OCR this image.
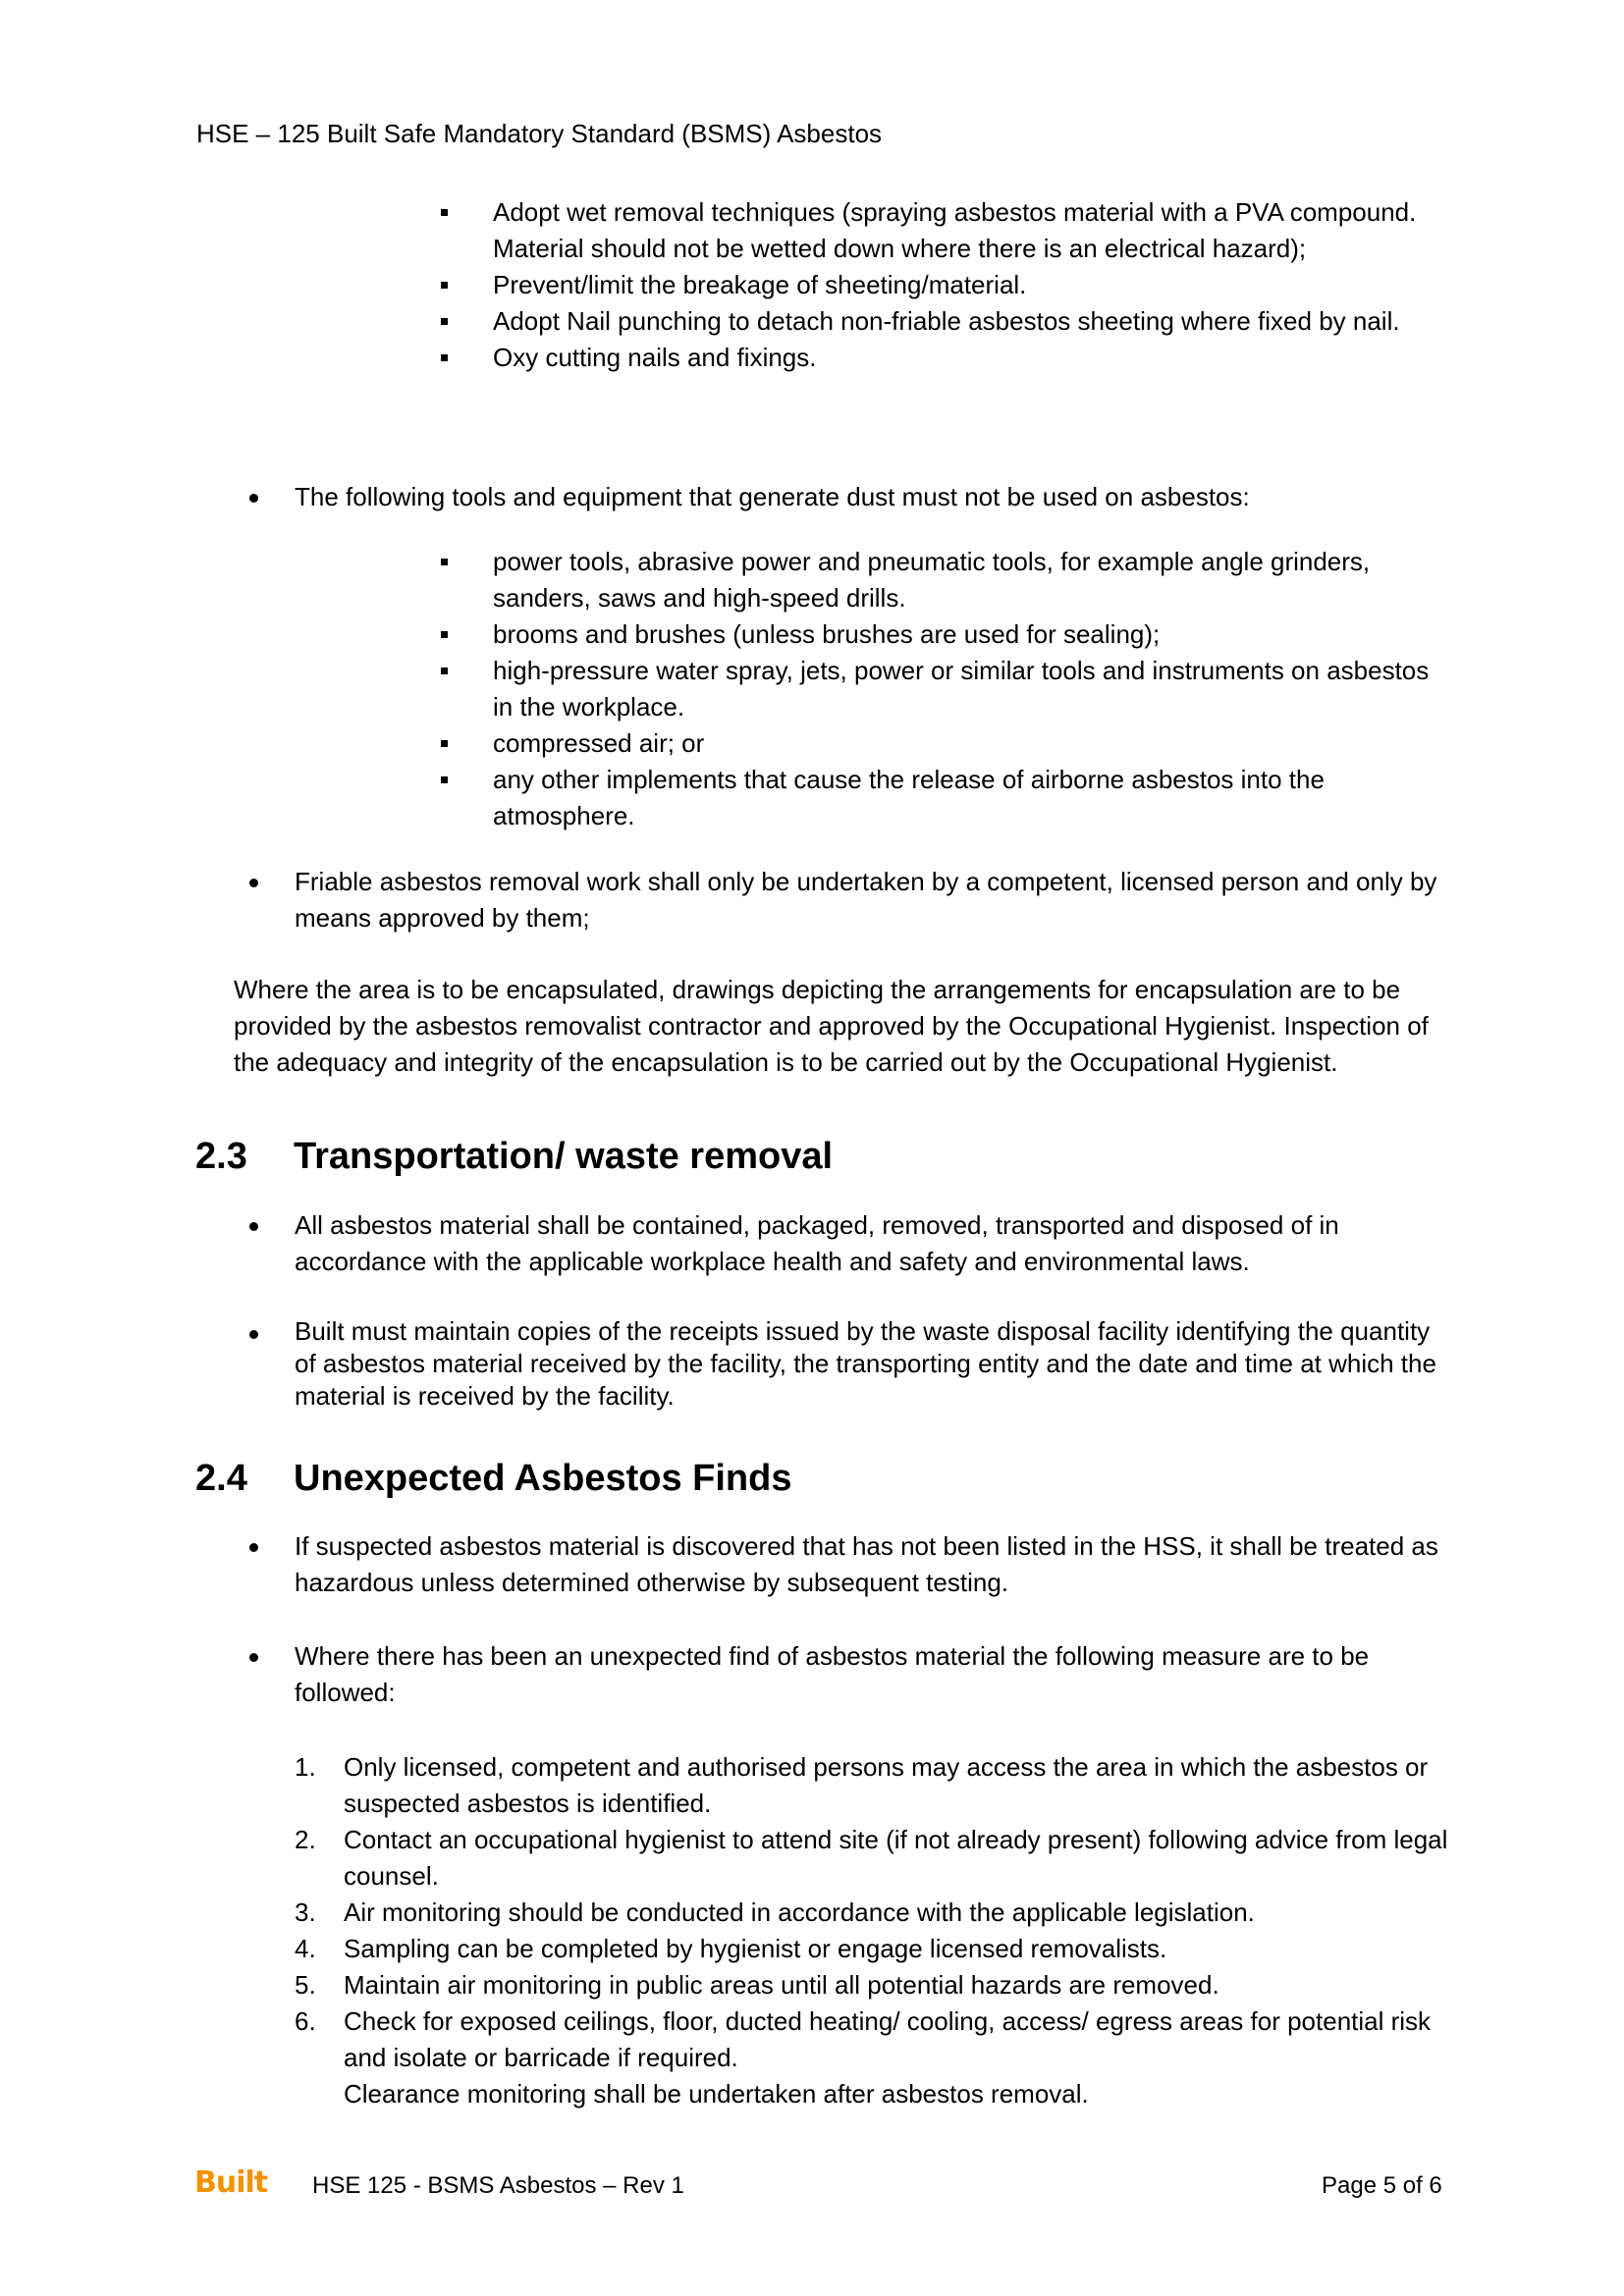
HSE – 125 Built Safe Mandatory Standard (BSMS) Asbestos
Adopt wet removal techniques (spraying asbestos material with a PVA compound. Material should not be wetted down where there is an electrical hazard);
Prevent/limit the breakage of sheeting/material.
Adopt Nail punching to detach non-friable asbestos sheeting where fixed by nail.
Oxy cutting nails and fixings.

The following tools and equipment that generate dust must not be used on asbestos:

power tools, abrasive power and pneumatic tools, for example angle grinders, sanders, saws and high-speed drills.
brooms and brushes (unless brushes are used for sealing);
high-pressure water spray, jets, power or similar tools and instruments on asbestos in the workplace.
compressed air; or
any other implements that cause the release of airborne asbestos into the atmosphere.

Friable asbestos removal work shall only be undertaken by a competent, licensed person and only by means approved by them;

Where the area is to be encapsulated, drawings depicting the arrangements for encapsulation are to be provided by the asbestos removalist contractor and approved by the Occupational Hygienist. Inspection of the adequacy and integrity of the encapsulation is to be carried out by the Occupational Hygienist.

2.3 Transportation/ waste removal

All asbestos material shall be contained, packaged, removed, transported and disposed of in accordance with the applicable workplace health and safety and environmental laws.

Built must maintain copies of the receipts issued by the waste disposal facility identifying the quantity of asbestos material received by the facility, the transporting entity and the date and time at which the material is received by the facility.

2.4 Unexpected Asbestos Finds

If suspected asbestos material is discovered that has not been listed in the HSS, it shall be treated as hazardous unless determined otherwise by subsequent testing.

Where there has been an unexpected find of asbestos material the following measure are to be followed:

1. Only licensed, competent and authorised persons may access the area in which the asbestos or suspected asbestos is identified.
2. Contact an occupational hygienist to attend site (if not already present) following advice from legal counsel.
3. Air monitoring should be conducted in accordance with the applicable legislation.
4. Sampling can be completed by hygienist or engage licensed removalists.
5. Maintain air monitoring in public areas until all potential hazards are removed.
6. Check for exposed ceilings, floor, ducted heating/ cooling, access/ egress areas for potential risk and isolate or barricade if required.
Clearance monitoring shall be undertaken after asbestos removal.
Built HSE 125 - BSMS Asbestos – Rev 1	Page 5 of 6
